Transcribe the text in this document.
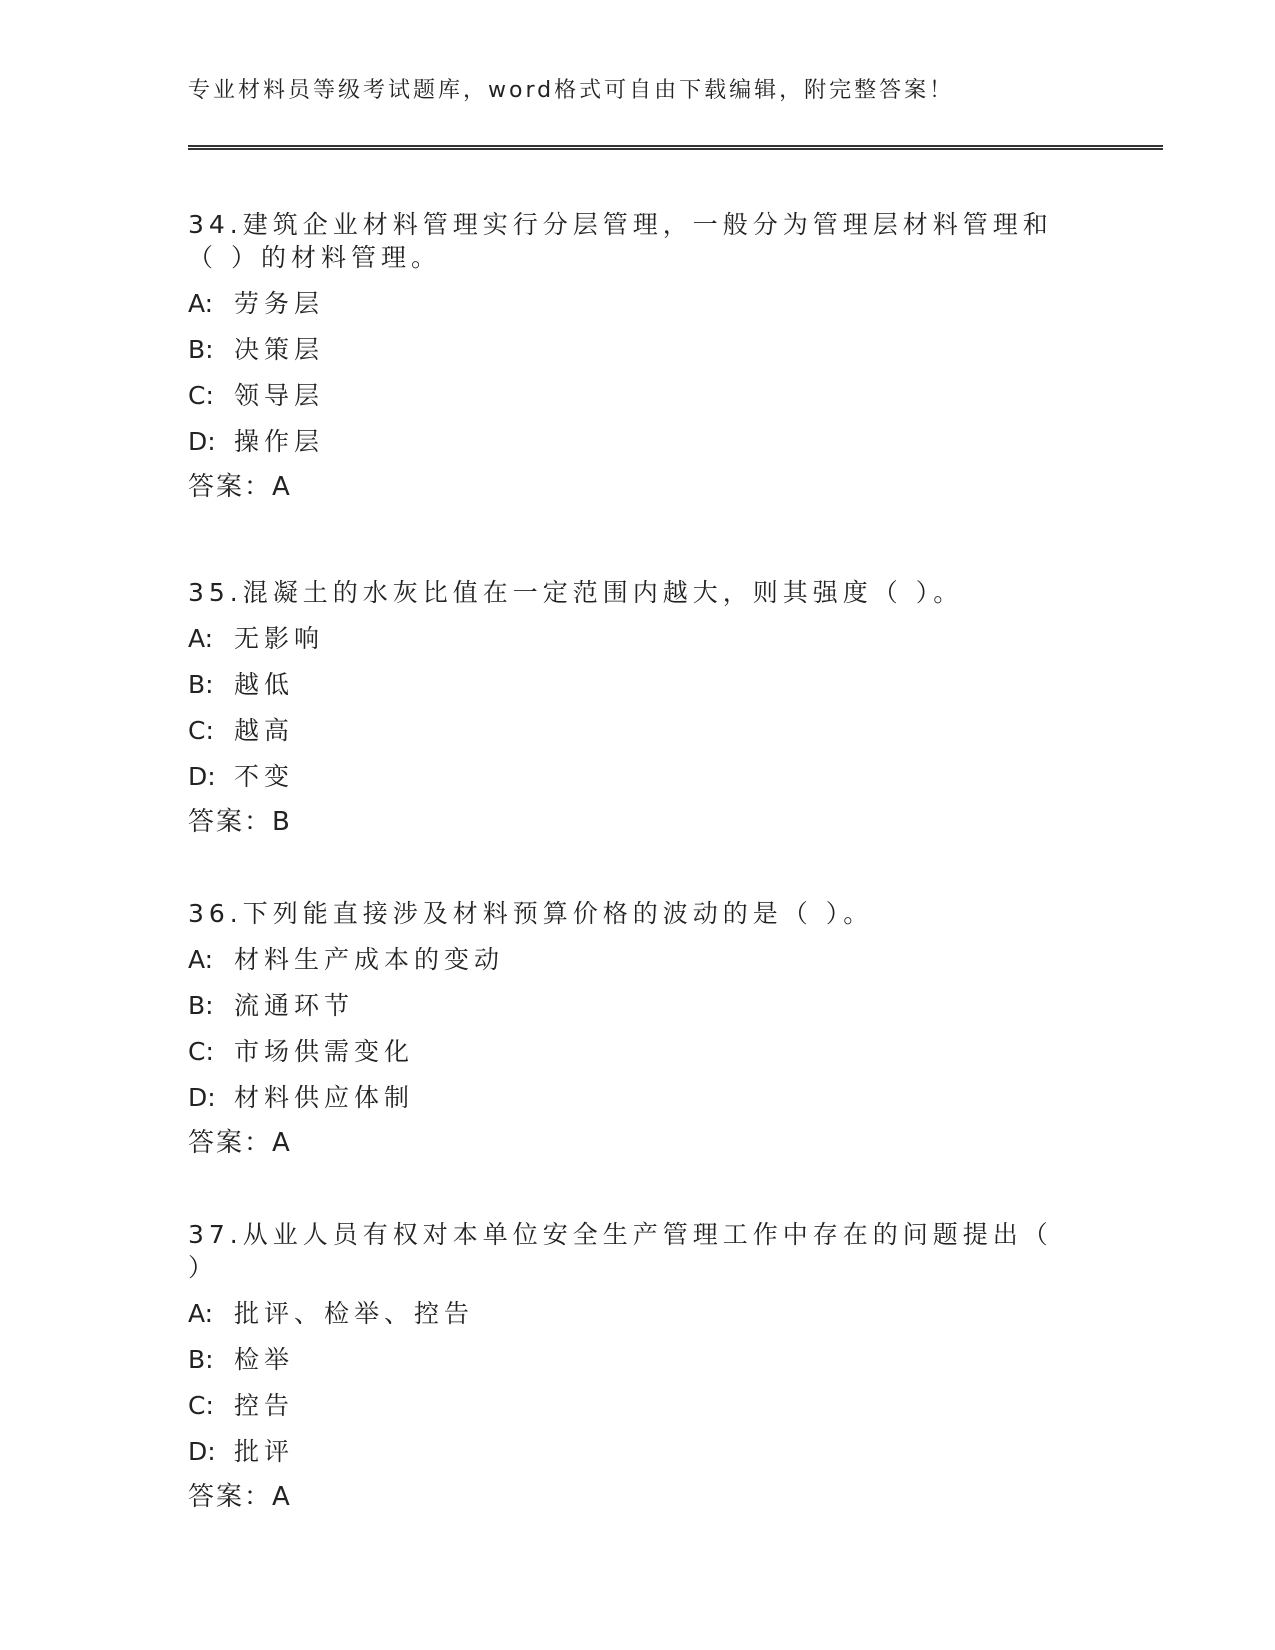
专业材料员等级考试题库，word格式可自由下载编辑，附完整答案！
34.建筑企业材料管理实行分层管理，一般分为管理层材料管理和（ ）的材料管理。
A: 劳务层
B: 决策层
C: 领导层
D: 操作层
答案：A
35.混凝土的水灰比值在一定范围内越大，则其强度（ ）。
A: 无影响
B: 越低
C: 越高
D: 不变
答案：B
36.下列能直接涉及材料预算价格的波动的是（ ）。
A: 材料生产成本的变动
B: 流通环节
C: 市场供需变化
D: 材料供应体制
答案：A
37.从业人员有权对本单位安全生产管理工作中存在的问题提出（ ）
A: 批评、检举、控告
B: 检举
C: 控告
D: 批评
答案：A
